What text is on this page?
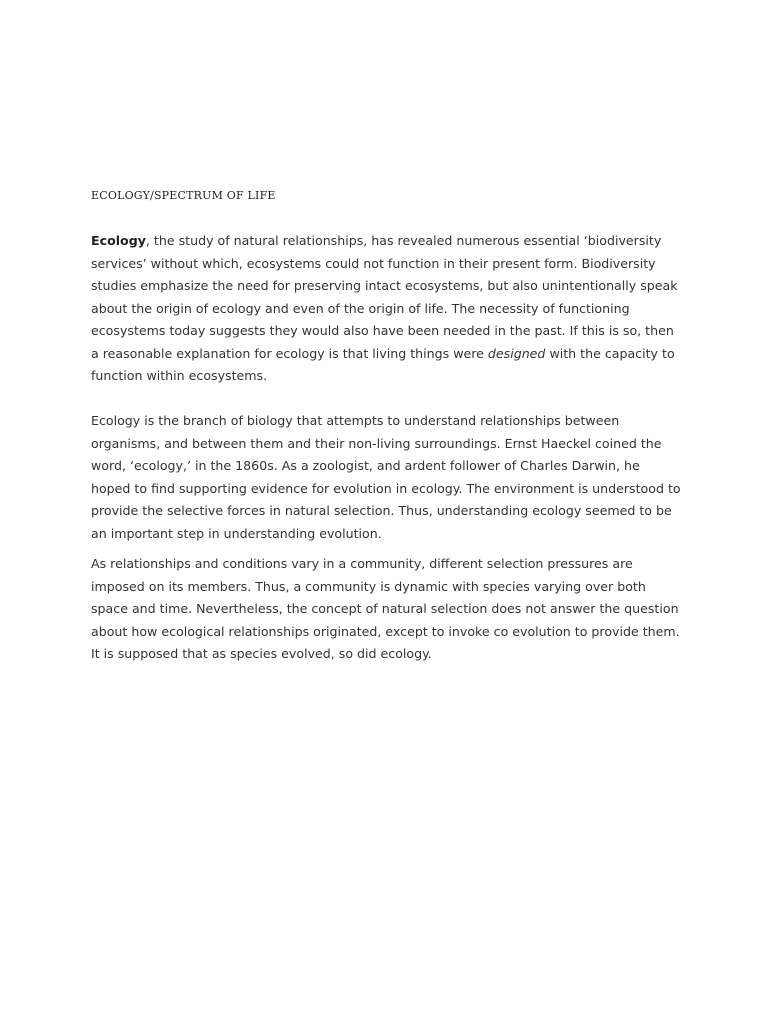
ECOLOGY/SPECTRUM OF LIFE

Ecology, the study of natural relationships, has revealed numerous essential ‘biodiversity services’ without which, ecosystems could not function in their present form. Biodiversity studies emphasize the need for preserving intact ecosystems, but also unintentionally speak about the origin of ecology and even of the origin of life. The necessity of functioning ecosystems today suggests they would also have been needed in the past. If this is so, then a reasonable explanation for ecology is that living things were designed with the capacity to function within ecosystems.

Ecology is the branch of biology that attempts to understand relationships between organisms, and between them and their non-living surroundings. Ernst Haeckel coined the word, ‘ecology,’ in the 1860s. As a zoologist, and ardent follower of Charles Darwin, he hoped to find supporting evidence for evolution in ecology. The environment is understood to provide the selective forces in natural selection. Thus, understanding ecology seemed to be an important step in understanding evolution.

As relationships and conditions vary in a community, different selection pressures are imposed on its members. Thus, a community is dynamic with species varying over both space and time. Nevertheless, the concept of natural selection does not answer the question about how ecological relationships originated, except to invoke co evolution to provide them. It is supposed that as species evolved, so did ecology.
